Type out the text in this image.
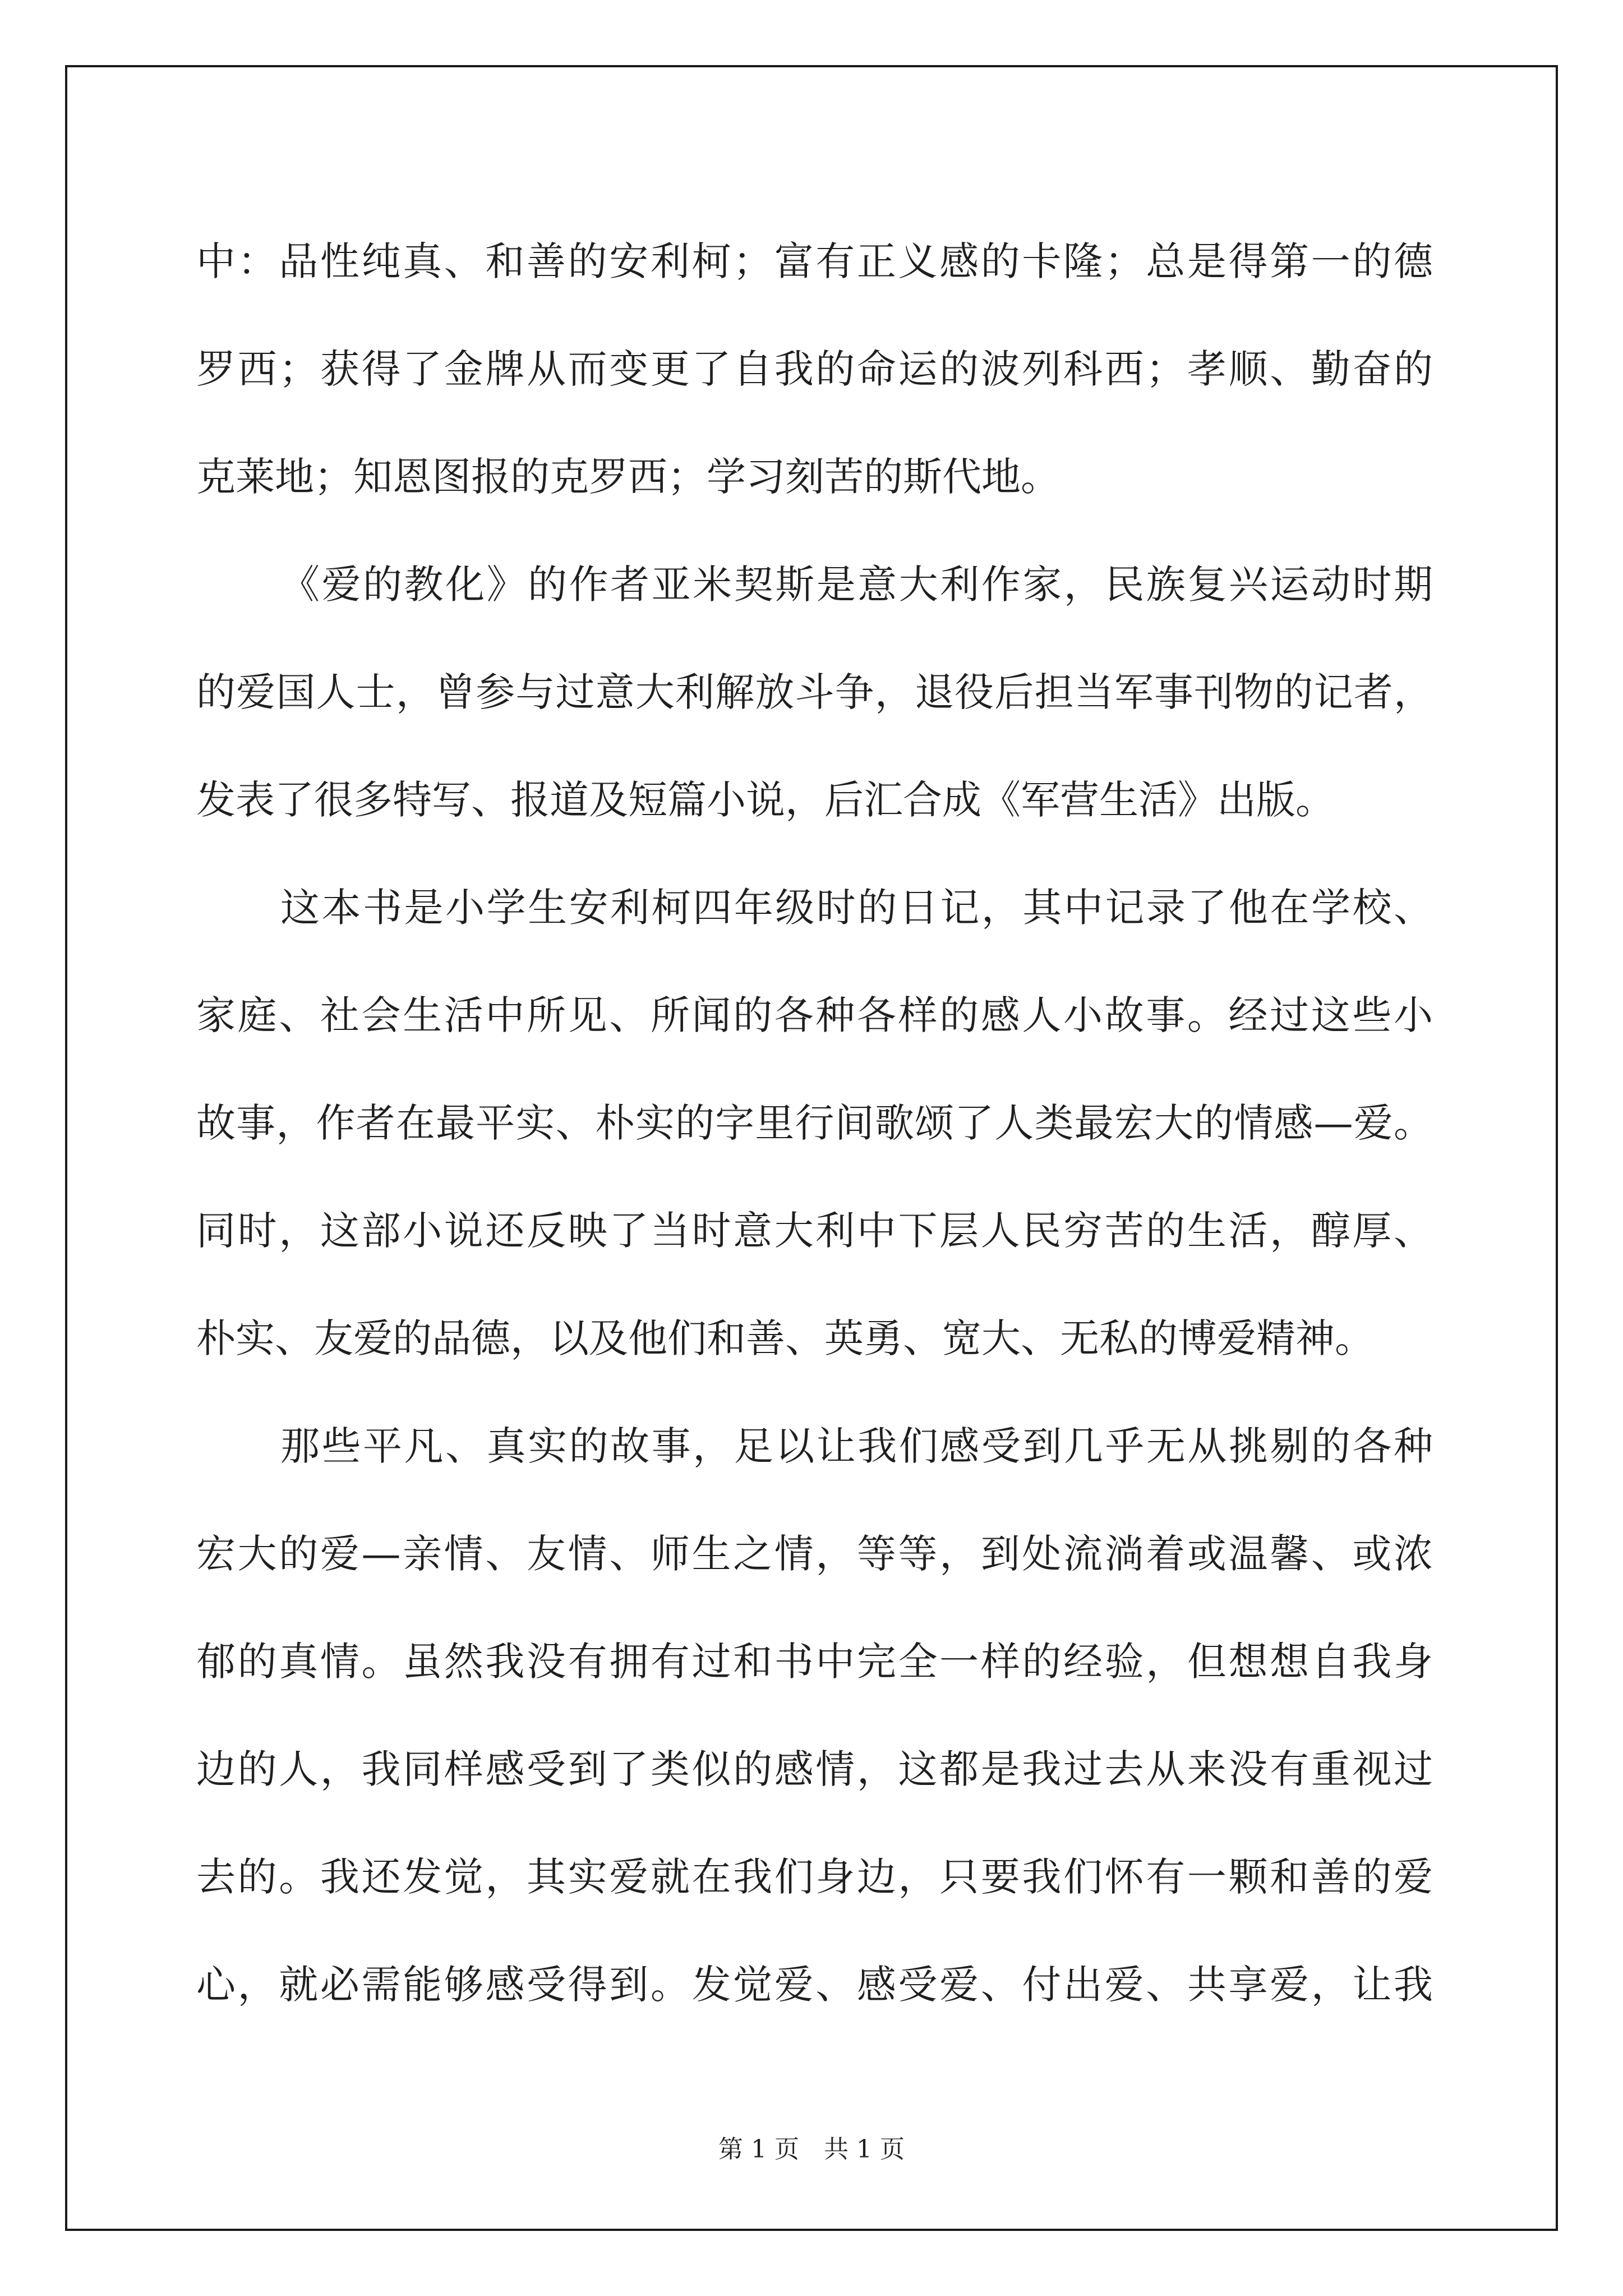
中：品性纯真、和善的安利柯；富有正义感的卡隆；总是得第一的德
罗西；获得了金牌从而变更了自我的命运的波列科西；孝顺、勤奋的
克莱地；知恩图报的克罗西；学习刻苦的斯代地。
《爱的教化》的作者亚米契斯是意大利作家，民族复兴运动时期
的爱国人士，曾参与过意大利解放斗争，退役后担当军事刊物的记者，
发表了很多特写、报道及短篇小说，后汇合成《军营生活》出版。
这本书是小学生安利柯四年级时的日记，其中记录了他在学校、
家庭、社会生活中所见、所闻的各种各样的感人小故事。经过这些小
故事，作者在最平实、朴实的字里行间歌颂了人类最宏大的情感—爱。
同时，这部小说还反映了当时意大利中下层人民穷苦的生活，醇厚、
朴实、友爱的品德，以及他们和善、英勇、宽大、无私的博爱精神。
那些平凡、真实的故事，足以让我们感受到几乎无从挑剔的各种
宏大的爱—亲情、友情、师生之情，等等，到处流淌着或温馨、或浓
郁的真情。虽然我没有拥有过和书中完全一样的经验，但想想自我身
边的人，我同样感受到了类似的感情，这都是我过去从来没有重视过
去的。我还发觉，其实爱就在我们身边，只要我们怀有一颗和善的爱
心，就必需能够感受得到。发觉爱、感受爱、付出爱、共享爱，让我
第 1 页　共 1 页
